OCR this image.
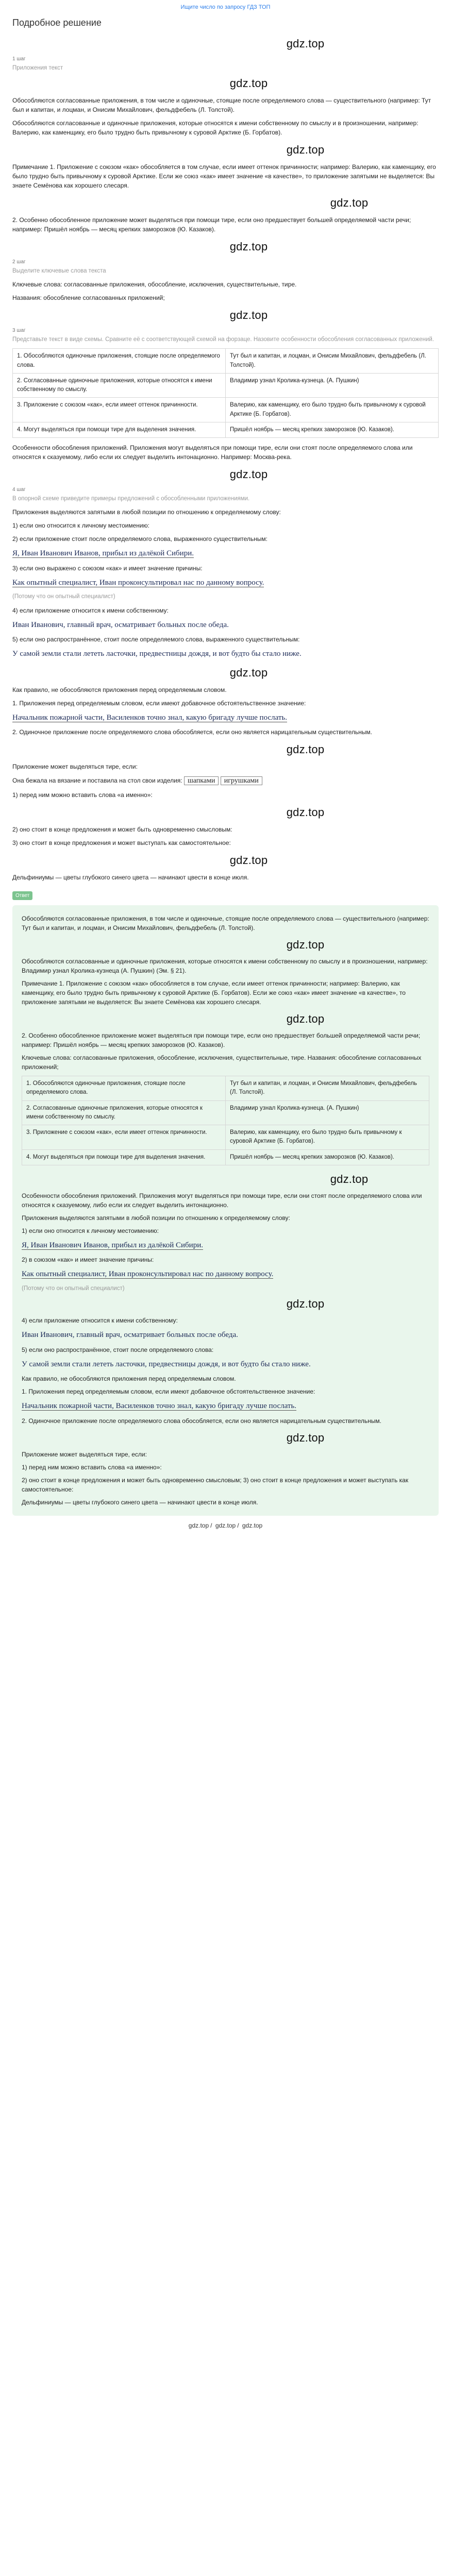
Ищите число по запросу ГДЗ ТОП
Подробное решение
gdz.top
1 шаг
Приложения текст
gdz.top
Обособляются согласованные приложения, в том числе и одиночные, стоящие после определяемого слова — существительного (например: Тут был и капитан, и лоцман, и Онисим Михайлович, фельдфебель (Л. Толстой).
Обособляются согласованные и одиночные приложения, которые относятся к имени собственному по смыслу и в произношении, например: Валерию, как каменщику, его было трудно быть привычному к суровой Арктике (Б. Горбатов).
gdz.top
Примечание 1. Приложение с союзом «как» обособляется в том случае, если имеет оттенок причинности; например: Валерию, как каменщику, его было трудно быть привычному к суровой Арктике. Если же союз «как» имеет значение «в качестве», то приложение запятыми не выделяется: Вы знаете Семёнова как хорошего слесаря.
gdz.top
2. Особенно обособленное приложение может выделяться при помощи тире, если оно предшествует большей определяемой части речи; например: Пришёл ноябрь — месяц крепких заморозков (Ю. Казаков).
gdz.top
2 шаг
Выделите ключевые слова текста
Ключевые слова: согласованные приложения, обособление, исключения, существительные, тире.
Названия: обособление согласованных приложений;
gdz.top
3 шаг
Представьте текст в виде схемы. Сравните её с соответствующей схемой на форзаце. Назовите особенности обособления согласованных приложений.
1. Обособляются одиночные приложения, стоящие после определяемого слова.	Тут был и капитан, и лоцман, и Онисим Михайлович, фельдфебель (Л. Толстой).
2. Согласованные одиночные приложения, которые относятся к имени собственному по смыслу.	Владимир узнал Кролика-кузнеца. (А. Пушкин)
3. Приложение с союзом «как», если имеет оттенок причинности.	Валерию, как каменщику, его было трудно быть привычному к суровой Арктике (Б. Горбатов).
4. Могут выделяться при помощи тире для выделения значения.	Пришёл ноябрь — месяц крепких заморозков (Ю. Казаков).
Особенности обособления приложений. Приложения могут выделяться при помощи тире, если они стоят после определяемого слова или относятся к сказуемому, либо если их следует выделить интонационно. Например: Москва-река.
gdz.top
4 шаг
В опорной схеме приведите примеры предложений с обособленными приложениями.
Приложения выделяются запятыми в любой позиции по отношению к определяемому слову:
1) если оно относится к личному местоимению:
2) если приложение стоит после определяемого слова, выраженного существительным:
Я, Иван Иванович Иванов, прибыл из далёкой Сибири.
3) если оно выражено с союзом «как» и имеет значение причины:
Как опытный специалист, Иван проконсультировал нас по данному вопросу.
(Потому что он опытный специалист)
4) если приложение относится к имени собственному:
Иван Иванович, главный врач, осматривает больных после обеда.
5) если оно распространённое, стоит после определяемого слова, выраженного существительным:
У самой земли стали лететь ласточки, предвестницы дождя, и вот будто бы стало ниже.
gdz.top
Как правило, не обособляются приложения перед определяемым словом.
1. Приложения перед определяемым словом, если имеют добавочное обстоятельственное значение:
Начальник пожарной части, Василенков точно знал, какую бригаду лучше послать.
2. Одиночное приложение после определяемого слова обособляется, если оно является нарицательным существительным.
gdz.top
Приложение может выделяться тире, если:
Она бежала на вязание и поставила на стол свои изделия: шапками игрушками
1) перед ним можно вставить слова «а именно»:
gdz.top
2) оно стоит в конце предложения и может быть одновременно смысловым:
3) оно стоит в конце предложения и может выступать как самостоятельное:
gdz.top
Дельфиниумы — цветы глубокого синего цвета — начинают цвести в конце июля.
Ответ
Обособляются согласованные приложения, в том числе и одиночные, стоящие после определяемого слова — существительного (например: Тут был и капитан, и лоцман, и Онисим Михайлович, фельдфебель (Л. Толстой).
gdz.top
Обособляются согласованные и одиночные приложения, которые относятся к имени собственному по смыслу и в произношении, например: Владимир узнал Кролика-кузнеца (А. Пушкин) (Эм. § 21).
Примечание 1. Приложение с союзом «как» обособляется в том случае, если имеет оттенок причинности; например: Валерию, как каменщику, его было трудно быть привычному к суровой Арктике (Б. Горбатов). Если же союз «как» имеет значение «в качестве», то приложение запятыми не выделяется: Вы знаете Семёнова как хорошего слесаря.
gdz.top
2. Особенно обособленное приложение может выделяться при помощи тире, если оно предшествует большей определяемой части речи; например: Пришёл ноябрь — месяц крепких заморозков (Ю. Казаков).
Ключевые слова: согласованные приложения, обособление, исключения, существительные, тире. Названия: обособление согласованных приложений;
1. Обособляются одиночные приложения, стоящие после определяемого слова.	Тут был и капитан, и лоцман, и Онисим Михайлович, фельдфебель (Л. Толстой).
2. Согласованные одиночные приложения, которые относятся к имени собственному по смыслу.	Владимир узнал Кролика-кузнеца. (А. Пушкин)
3. Приложение с союзом «как», если имеет оттенок причинности.	Валерию, как каменщику, его было трудно быть привычному к суровой Арктике (Б. Горбатов).
4. Могут выделяться при помощи тире для выделения значения.	Пришёл ноябрь — месяц крепких заморозков (Ю. Казаков).
gdz.top
Особенности обособления приложений. Приложения могут выделяться при помощи тире, если они стоят после определяемого слова или относятся к сказуемому, либо если их следует выделить интонационно.
Приложения выделяются запятыми в любой позиции по отношению к определяемому слову:
1) если оно относится к личному местоимению:
Я, Иван Иванович Иванов, прибыл из далёкой Сибири.
2) в союзом «как» и имеет значение причины:
Как опытный специалист, Иван проконсультировал нас по данному вопросу.
(Потому что он опытный специалист)
gdz.top
4) если приложение относится к имени собственному:
Иван Иванович, главный врач, осматривает больных после обеда.
5) если оно распространённое, стоит после определяемого слова:
У самой земли стали лететь ласточки, предвестницы дождя, и вот будто бы стало ниже.
Как правило, не обособляются приложения перед определяемым словом.
1. Приложения перед определяемым словом, если имеют добавочное обстоятельственное значение:
Начальник пожарной части, Василенков точно знал, какую бригаду лучше послать.
2. Одиночное приложение после определяемого слова обособляется, если оно является нарицательным существительным.
gdz.top
Приложение может выделяться тире, если:
1) перед ним можно вставить слова «а именно»:
2) оно стоит в конце предложения и может быть одновременно смысловым; 3) оно стоит в конце предложения и может выступать как самостоятельное:
Дельфиниумы — цветы глубокого синего цвета — начинают цвести в конце июля.
gdz.top / gdz.top / gdz.top
